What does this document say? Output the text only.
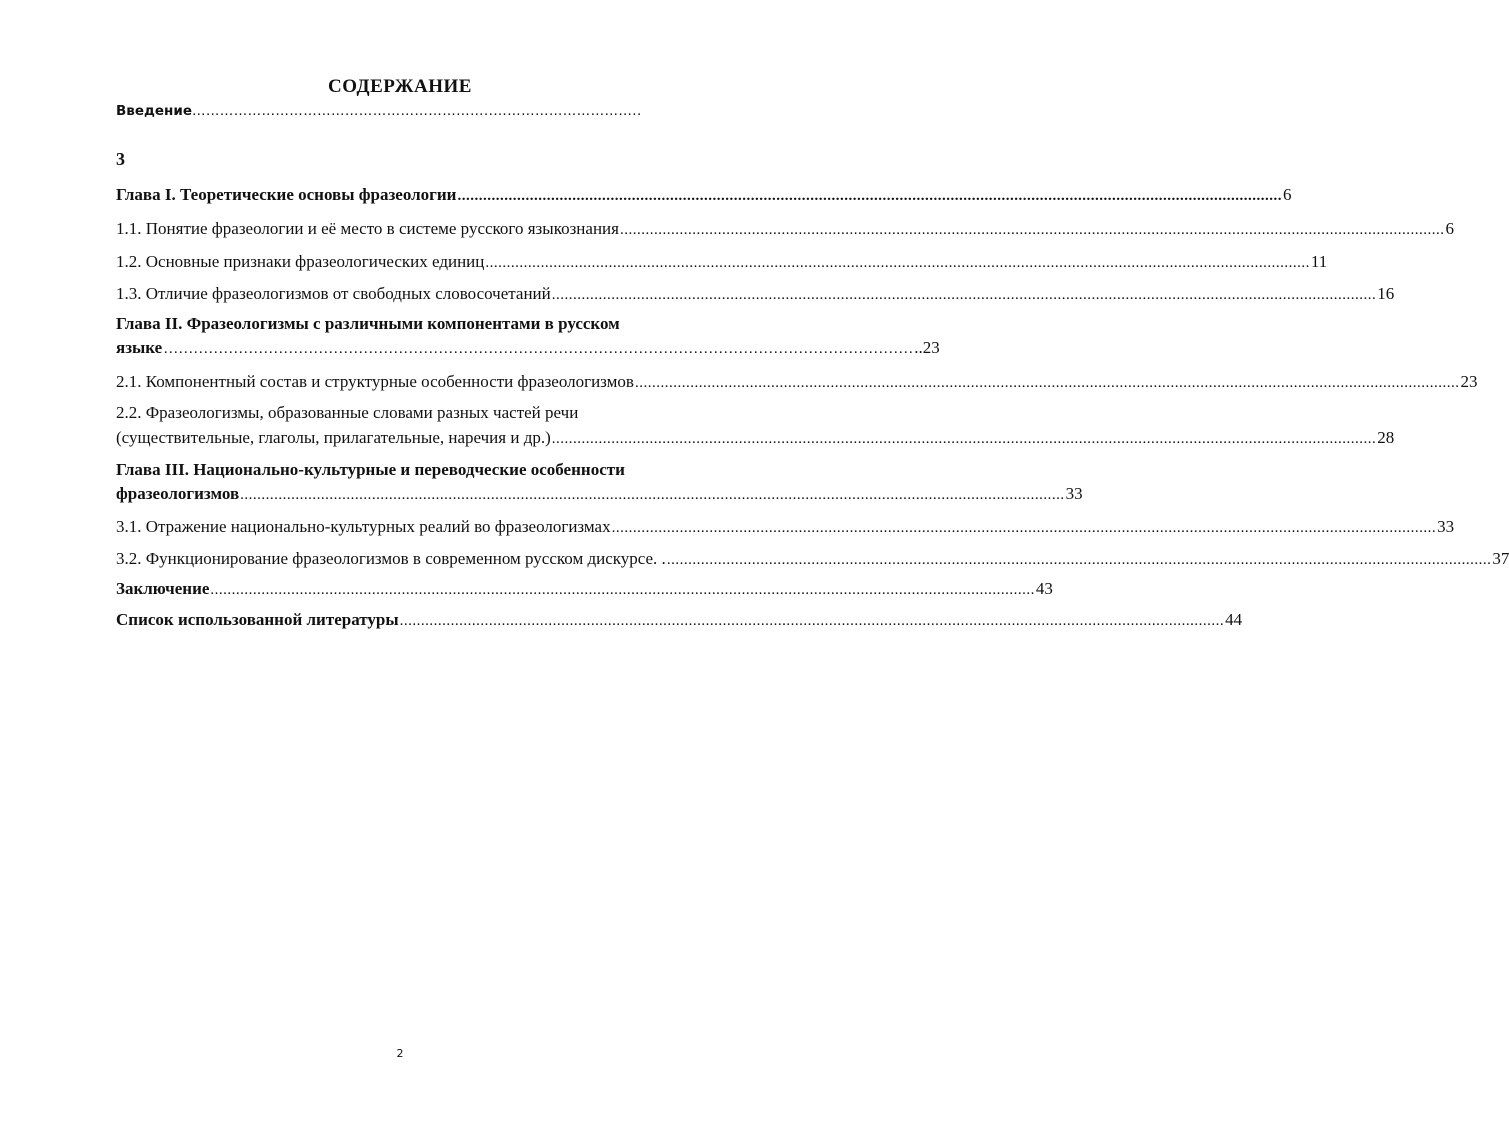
СОДЕРЖАНИЕ
Введение………………………………………………………..…………………………..
3
Глава I. Теоретические основы фразеологии .....	6
1.1. Понятие фразеологии и её место в системе русского языкознания .....	6
1.2. Основные признаки фразеологических единиц .....	11
1.3. Отличие фразеологизмов от свободных словосочетаний .....	16
Глава II. Фразеологизмы с различными компонентами в русском
языке ……………………………………………………………………………………………………………………………………	..23
2.1. Компонентный состав и структурные особенности фразеологизмов .....	23
2.2. Фразеологизмы, образованные словами разных частей речи
(существительные, глаголы, прилагательные, наречия и др.) .....	28
Глава III. Национально-культурные и переводческие особенности
фразеологизмов .....	33
3.1. Отражение национально-культурных реалий во фразеологизмах .....	33
3.2. Функционирование фразеологизмов в современном русском дискурсе. . .....	37
Заключение .....	43
Список использованной литературы .....	44
2
